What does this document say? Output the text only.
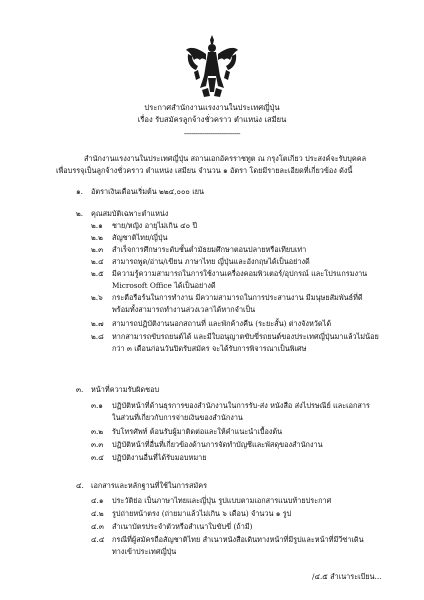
ประกาศสำนักงานแรงงานในประเทศญี่ปุ่น
เรื่อง รับสมัครลูกจ้างชั่วคราว ตำแหน่ง เสมียน
------------------------------
สำนักงานแรงงานในประเทศญี่ปุ่น สถานเอกอัครราชทูต ณ กรุงโตเกียว ประสงค์จะรับบุคคล
เพื่อบรรจุเป็นลูกจ้างชั่วคราว ตำแหน่ง เสมียน จำนวน ๑ อัตรา โดยมีรายละเอียดที่เกี่ยวข้อง ดังนี้
๑. อัตราเงินเดือนเริ่มต้น ๒๒๔,๐๐๐ เยน
๒. คุณสมบัติเฉพาะตำแหน่ง
๒.๑ ชาย/หญิง อายุไม่เกิน ๔๐ ปี
๒.๒ สัญชาติไทย/ญี่ปุ่น
๒.๓ สำเร็จการศึกษาระดับชั้นต่ำมัธยมศึกษาตอนปลายหรือเทียบเท่า
๒.๔ สามารถพูด/อ่าน/เขียน ภาษาไทย ญี่ปุ่นและอังกฤษได้เป็นอย่างดี
๒.๕ มีความรู้ความสามารถในการใช้งานเครื่องคอมพิวเตอร์/อุปกรณ์ และโปรแกรมงาน
Microsoft Office ได้เป็นอย่างดี
๒.๖ กระตือรือร้นในการทำงาน มีความสามารถในการประสานงาน มีมนุษยสัมพันธ์ที่ดี
พร้อมทั้งสามารถทำงานล่วงเวลาได้หากจำเป็น
๒.๗ สามารถปฏิบัติงานนอกสถานที่ และพักค้างคืน (ระยะสั้น) ต่างจังหวัดได้
๒.๘ หากสามารถขับรถยนต์ได้ และมีใบอนุญาตขับขี่รถยนต์ของประเทศญี่ปุ่นมาแล้วไม่น้อย
กว่า ๓ เดือนก่อนวันปิดรับสมัคร จะได้รับการพิจารณาเป็นพิเศษ
๓. หน้าที่ความรับผิดชอบ
๓.๑ ปฏิบัติหน้าที่ด้านธุรการของสำนักงานในการรับ-ส่ง หนังสือ ส่งไปรษณีย์ และเอกสาร
ในส่วนที่เกี่ยวกับการจ่ายเงินของสำนักงาน
๓.๒ รับโทรศัพท์ ต้อนรับผู้มาติดต่อและให้คำแนะนำเบื้องต้น
๓.๓ ปฏิบัติหน้าที่อื่นที่เกี่ยวข้องด้านการจัดทำบัญชีและพัสดุของสำนักงาน
๓.๔ ปฏิบัติงานอื่นที่ได้รับมอบหมาย
๔. เอกสารและหลักฐานที่ใช้ในการสมัคร
๔.๑ ประวัติย่อ เป็นภาษาไทยและญี่ปุ่น รูปแบบตามเอกสารแนบท้ายประกาศ
๔.๒ รูปถ่ายหน้าตรง (ถ่ายมาแล้วไม่เกิน ๖ เดือน) จำนวน ๑ รูป
๔.๓ สำเนาบัตรประจำตัวหรือสำเนาใบขับขี่ (ถ้ามี)
๔.๔ กรณีที่ผู้สมัครถือสัญชาติไทย สำเนาหนังสือเดินทางหน้าที่มีรูปและหน้าที่มีวีซ่าเดิน
ทางเข้าประเทศญี่ปุ่น
/๔.๕ สำเนาระเบียน...
